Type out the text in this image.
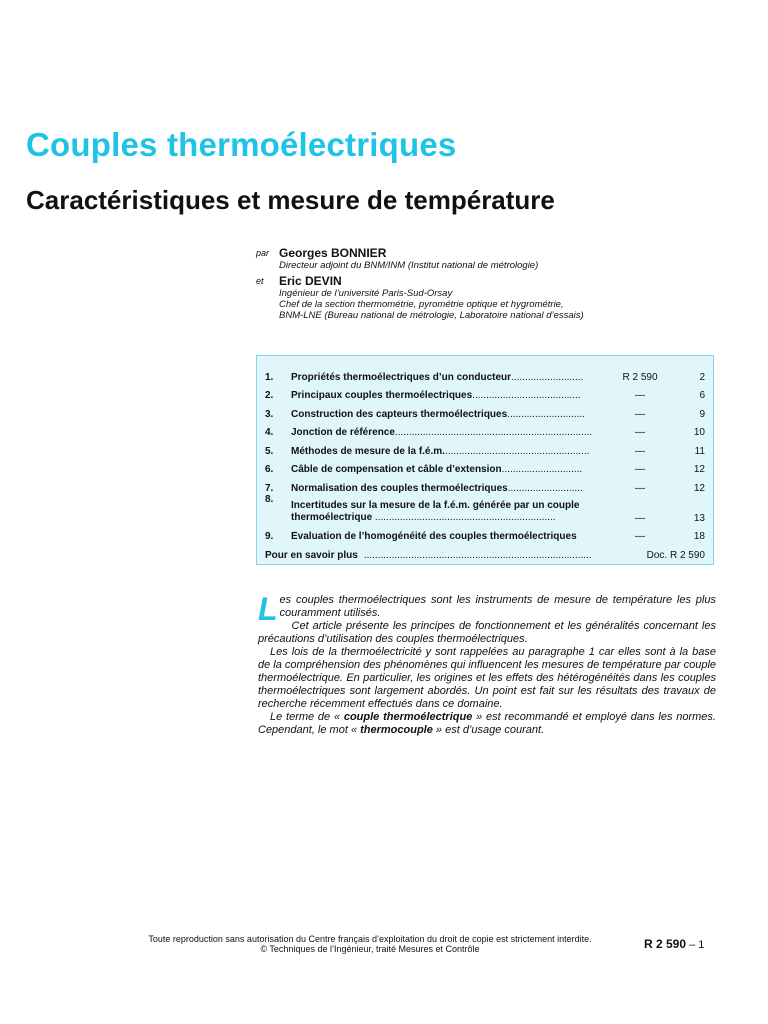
Couples thermoélectriques
Caractéristiques et mesure de température
par Georges BONNIER
Directeur adjoint du BNM/INM (Institut national de métrologie)
et	Eric DEVIN
Ingénieur de l’université Paris-Sud-Orsay
Chef de la section thermométrie, pyrométrie optique et hygrométrie,
BNM-LNE (Bureau national de métrologie, Laboratoire national d’essais)
1.	Propriétés thermoélectriques d’un conducteur..........................	R 2 590	2
2.	Principaux couples thermoélectriques.......................................	—	6
3.	Construction des capteurs thermoélectriques............................	—	9
4.	Jonction de référence.......................................................................	—	10
5.	Méthodes de mesure de la f.é.m.....................................................	—	11
6.	Câble de compensation et câble d’extension.............................	—	12
7.	Normalisation des couples thermoélectriques...........................	—	12
8.
Incertitudes sur la mesure de la f.é.m. générée par un couple
thermoélectrique .................................................................	—	13
9.	Évaluation de l’homogénéité des couples thermoélectriques	—	18
Pour en savoir plus ..................................................................................	Doc. R 2 590

Les couples thermoélectriques sont les instruments de mesure de température les plus couramment utilisés.

Cet article présente les principes de fonctionnement et les généralités concernant les précautions d’utilisation des couples thermoélectriques.

Les lois de la thermoélectricité y sont rappelées au paragraphe 1 car elles sont à la base de la compréhension des phénomènes qui influencent les mesures de température par couple thermoélectrique. En particulier, les origines et les effets des hétérogénéités dans les couples thermoélectriques sont largement abordés. Un point est fait sur les résultats des travaux de recherche récemment effectués dans ce domaine.

Le terme de « couple thermoélectrique » est recommandé et employé dans les normes. Cependant, le mot « thermocouple » est d’usage courant.

Toute reproduction sans autorisation du Centre français d’exploitation du droit de copie est strictement interdite.
© Techniques de l’Ingénieur, traité Mesures et Contrôle	R 2 590 – 1
